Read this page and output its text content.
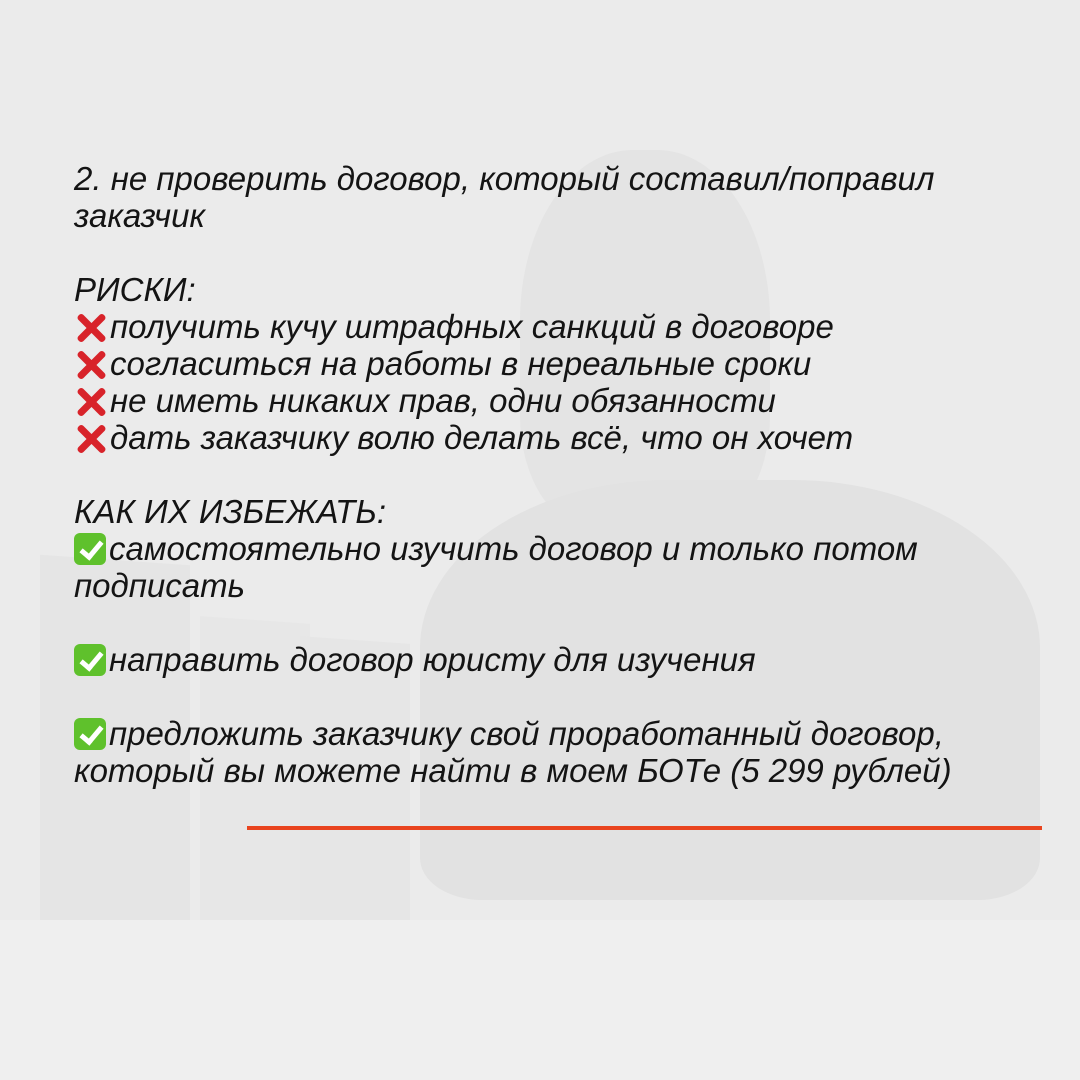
2. не проверить договор, который составил/поправил заказчик

РИСКИ:

получить кучу штрафных санкций в договоре
согласиться на работы в нереальные сроки
не иметь никаких прав, одни обязанности
дать заказчику волю делать всё, что он хочет

КАК ИХ ИЗБЕЖАТЬ:

самостоятельно изучить договор и только потом подписать

направить договор юристу для изучения

предложить заказчику свой проработанный договор, который вы можете найти в моем БОТе (5 299 рублей)
